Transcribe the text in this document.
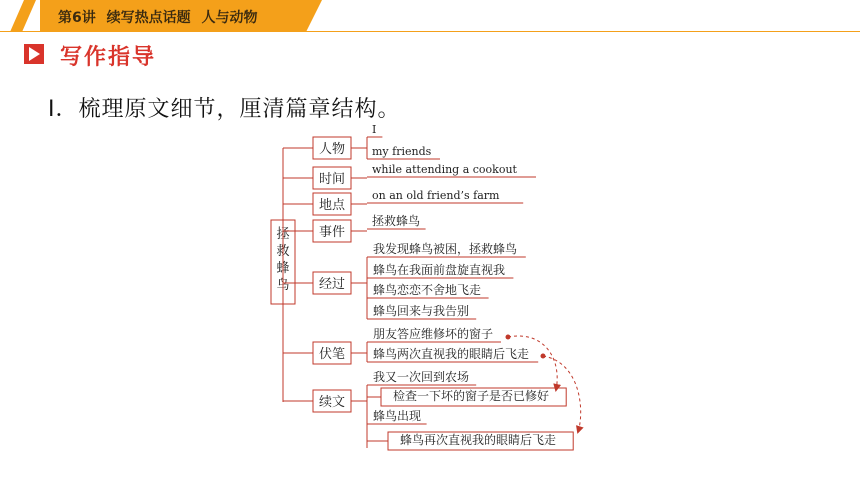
第6讲 续写热点话题 人与动物
写作指导
Ⅰ．梳理原文细节，厘清篇章结构。
拯救蜂鸟
人物
I
my friends
时间
while attending a cookout
地点
on an old friend’s farm
事件
拯救蜂鸟
经过
我发现蜂鸟被困，拯救蜂鸟
蜂鸟在我面前盘旋直视我
蜂鸟恋恋不舍地飞走
蜂鸟回来与我告别
伏笔
朋友答应维修坏的窗子
蜂鸟两次直视我的眼睛后飞走
续文
我又一次回到农场
检查一下坏的窗子是否已修好
蜂鸟出现
蜂鸟再次直视我的眼睛后飞走
